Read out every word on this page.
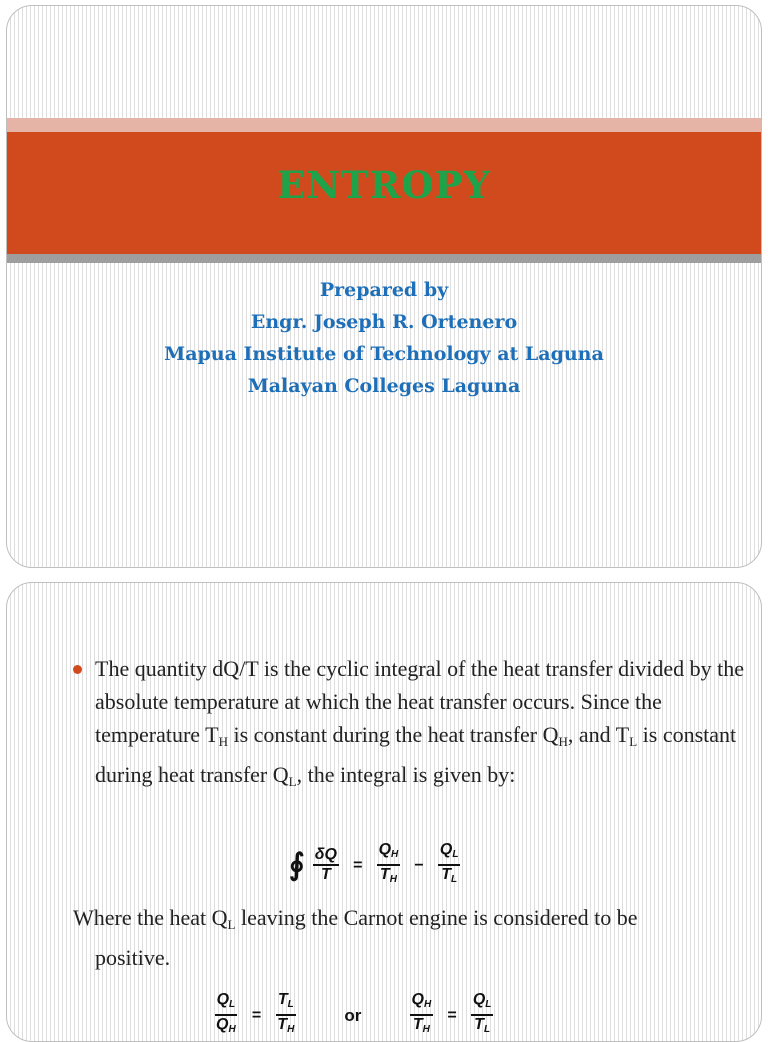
ENTROPY
Prepared by
Engr. Joseph R. Ortenero
Mapua Institute of Technology at Laguna
Malayan Colleges Laguna
The quantity dQ/T is the cyclic integral of the heat transfer divided by the absolute temperature at which the heat transfer occurs. Since the temperature $T_H$ is constant during the heat transfer $Q_H$, and $T_L$ is constant during heat transfer $Q_L$, the integral is given by:
∮ $\frac{\delta Q}{T} = \frac{Q_H}{T_H} - \frac{Q_L}{T_L}$
Where the heat $Q_L$ leaving the Carnot engine is considered to be
positive.
$\frac{Q_L}{Q_H} = \frac{T_L}{T_H}$	or	$\frac{Q_H}{T_H} = \frac{Q_L}{T_L}$
